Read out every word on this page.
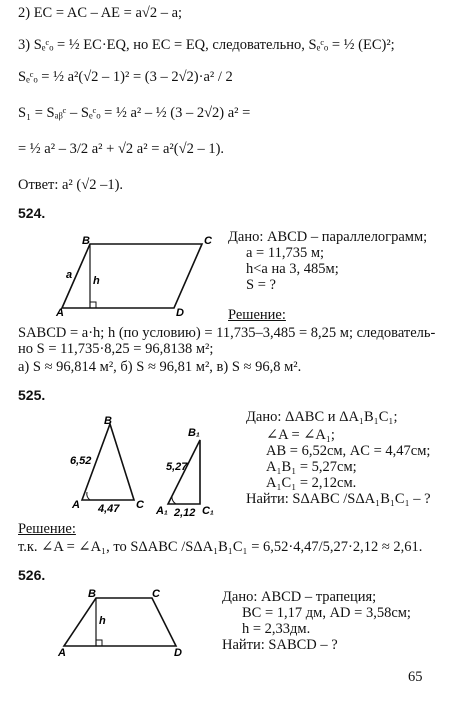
2) EC = AC – AE = a√2 – a;
3) Sₑᶜₒ = ½ EC·EQ, но EC = EQ, следовательно, Sₑᶜₒ = ½ (EC)²;
Sₑᶜₒ = ½ a²(√2 – 1)² = (3 – 2√2)·a² / 2
S₁ = Sₐᵦᶜ – Sₑᶜₒ = ½ a² – ½ (3 – 2√2) a² =
= ½ a² – 3/2 a² + √2 a² = a²(√2 – 1).
Ответ: a² (√2 –1).
524.
A
B	C
D
a h
Дано: ABCD – параллелограмм;
a = 11,735 м;
h<a на 3, 485м;
S = ?
Решение:
SABCD = a·h; h (по условию) = 11,735–3,485 = 8,25 м; следователь-
но S = 11,735·8,25 = 96,8138 м²;
а) S ≈ 96,814 м², б) S ≈ 96,81 м², в) S ≈ 96,8 м².
525.
B
A	C
6,52
4,47
B₁
A₁	C₁
5,27
2,12
Дано: ΔABC и ΔA₁B₁C₁;
∠A = ∠A₁;
AB = 6,52см, AC = 4,47см;
A₁B₁ = 5,27см;
A₁C₁ = 2,12см.
Найти: SΔABC /SΔA₁B₁C₁ – ?
Решение:
т.к. ∠A = ∠A₁, то SΔABC /SΔA₁B₁C₁ = 6,52·4,47/5,27·2,12 ≈ 2,61.
526.
B	C
A	D
h
Дано: ABCD – трапеция;
BC = 1,17 дм, AD = 3,58см;
h = 2,33дм.
Найти: SABCD – ?
65
